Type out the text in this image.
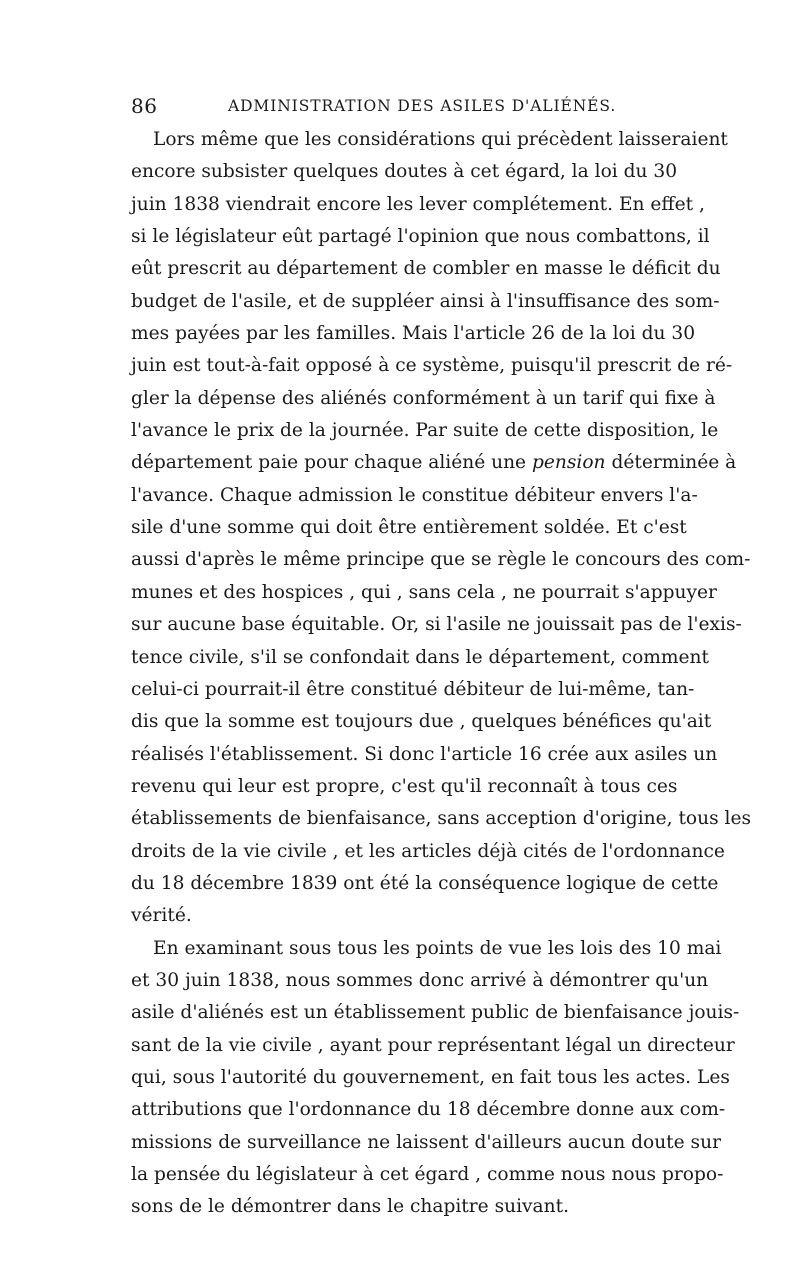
86	ADMINISTRATION DES ASILES D'ALIÉNÉS.
Lors même que les considérations qui précèdent laisseraient
encore subsister quelques doutes à cet égard, la loi du 30
juin 1838 viendrait encore les lever complétement. En effet ,
si le législateur eût partagé l'opinion que nous combattons, il
eût prescrit au département de combler en masse le déficit du
budget de l'asile, et de suppléer ainsi à l'insuffisance des som-
mes payées par les familles. Mais l'article 26 de la loi du 30
juin est tout-à-fait opposé à ce système, puisqu'il prescrit de ré-
gler la dépense des aliénés conformément à un tarif qui fixe à
l'avance le prix de la journée. Par suite de cette disposition, le
département paie pour chaque aliéné une pension déterminée à
l'avance. Chaque admission le constitue débiteur envers l'a-
sile d'une somme qui doit être entièrement soldée. Et c'est
aussi d'après le même principe que se règle le concours des com-
munes et des hospices , qui , sans cela , ne pourrait s'appuyer
sur aucune base équitable. Or, si l'asile ne jouissait pas de l'exis-
tence civile, s'il se confondait dans le département, comment
celui-ci pourrait-il être constitué débiteur de lui-même, tan-
dis que la somme est toujours due , quelques bénéfices qu'ait
réalisés l'établissement. Si donc l'article 16 crée aux asiles un
revenu qui leur est propre, c'est qu'il reconnaît à tous ces
établissements de bienfaisance, sans acception d'origine, tous les
droits de la vie civile , et les articles déjà cités de l'ordonnance
du 18 décembre 1839 ont été la conséquence logique de cette
vérité.
En examinant sous tous les points de vue les lois des 10 mai
et 30 juin 1838, nous sommes donc arrivé à démontrer qu'un
asile d'aliénés est un établissement public de bienfaisance jouis-
sant de la vie civile , ayant pour représentant légal un directeur
qui, sous l'autorité du gouvernement, en fait tous les actes. Les
attributions que l'ordonnance du 18 décembre donne aux com-
missions de surveillance ne laissent d'ailleurs aucun doute sur
la pensée du législateur à cet égard , comme nous nous propo-
sons de le démontrer dans le chapitre suivant.
